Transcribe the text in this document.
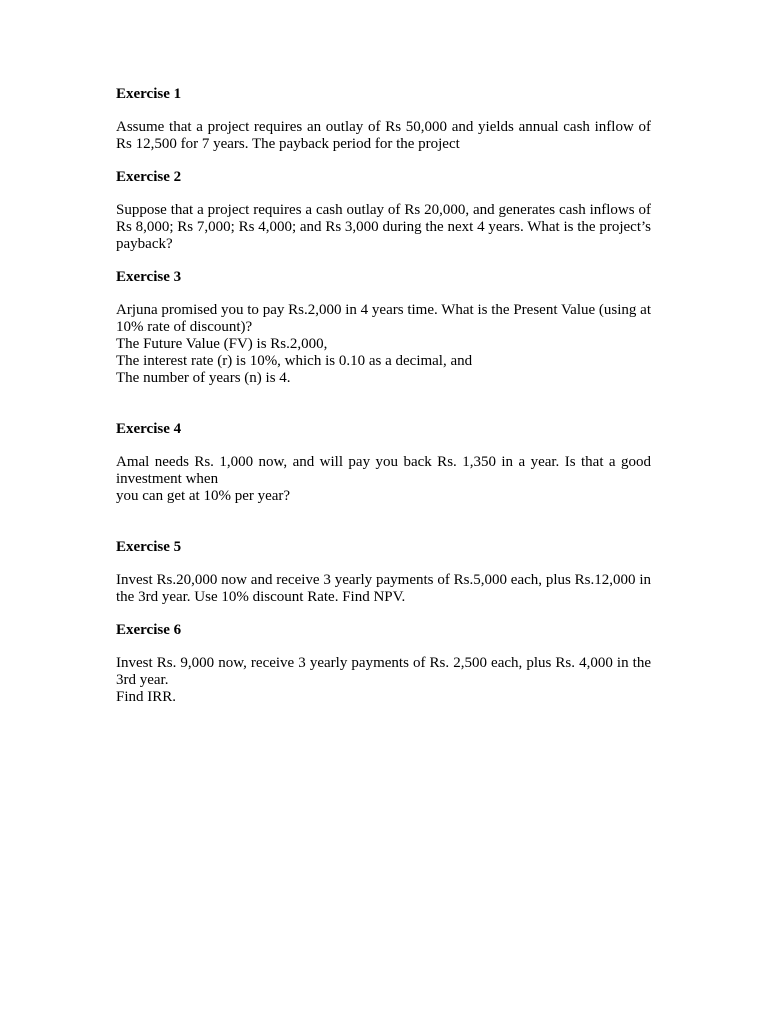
Exercise 1

Assume that a project requires an outlay of Rs 50,000 and yields annual cash inflow of Rs 12,500 for 7 years. The payback period for the project

Exercise 2

Suppose that a project requires a cash outlay of Rs 20,000, and generates cash inflows of Rs 8,000; Rs 7,000; Rs 4,000; and Rs 3,000 during the next 4 years. What is the project’s payback?

Exercise 3

Arjuna promised you to pay Rs.2,000 in 4 years time. What is the Present Value (using at 10% rate of discount)?
The Future Value (FV) is Rs.2,000,
The interest rate (r) is 10%, which is 0.10 as a decimal, and
The number of years (n) is 4.

Exercise 4

Amal needs Rs. 1,000 now, and will pay you back Rs. 1,350 in a year. Is that a good investment when
you can get at 10% per year?

Exercise 5

Invest Rs.20,000 now and receive 3 yearly payments of Rs.5,000 each, plus Rs.12,000 in the 3rd year. Use 10% discount Rate. Find NPV.

Exercise 6

Invest Rs. 9,000 now, receive 3 yearly payments of Rs. 2,500 each, plus Rs. 4,000 in the 3rd year.
Find IRR.
